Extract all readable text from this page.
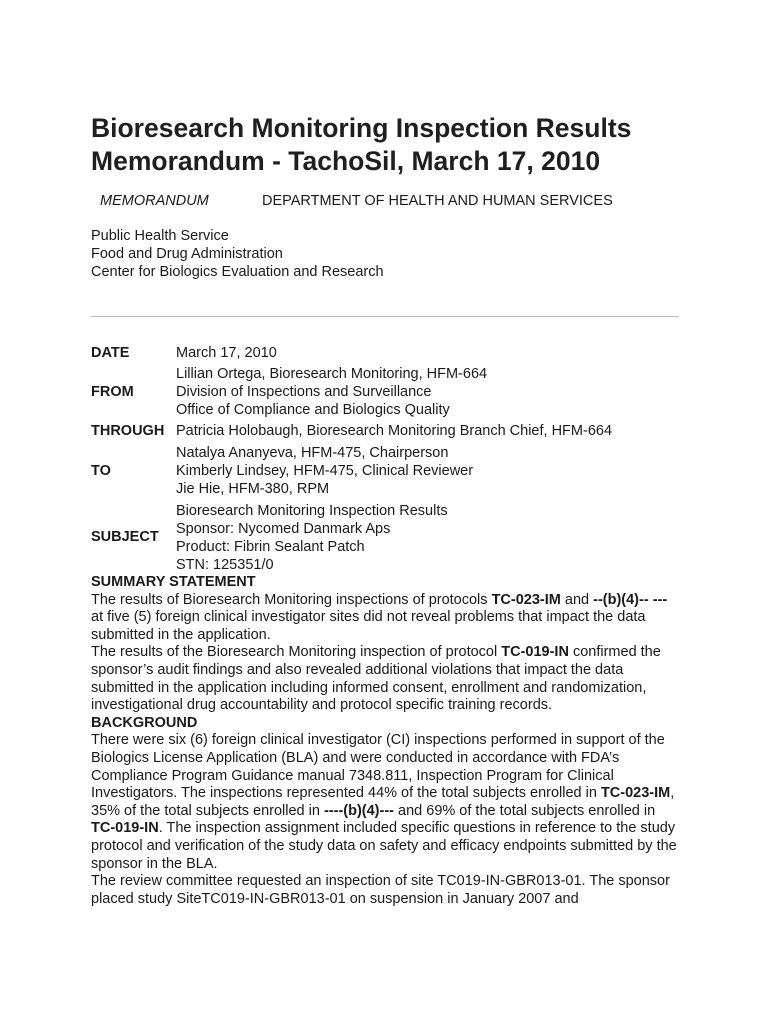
Bioresearch Monitoring Inspection Results
Memorandum - TachoSil, March 17, 2010
MEMORANDUM	DEPARTMENT OF HEALTH AND HUMAN SERVICES
Public Health Service
Food and Drug Administration
Center for Biologics Evaluation and Research
DATE	March 17, 2010
FROM
Lillian Ortega, Bioresearch Monitoring, HFM-664
Division of Inspections and Surveillance
Office of Compliance and Biologics Quality
THROUGH Patricia Holobaugh, Bioresearch Monitoring Branch Chief, HFM-664
TO
Natalya Ananyeva, HFM-475, Chairperson
Kimberly Lindsey, HFM-475, Clinical Reviewer
Jie Hie, HFM-380, RPM
SUBJECT
Bioresearch Monitoring Inspection Results
Sponsor: Nycomed Danmark Aps
Product: Fibrin Sealant Patch
STN: 125351/0
SUMMARY STATEMENT

The results of Bioresearch Monitoring inspections of protocols TC-023-IM and --(b)(4)-- --- at five (5) foreign clinical investigator sites did not reveal problems that impact the data submitted in the application.

The results of the Bioresearch Monitoring inspection of protocol TC-019-IN confirmed the sponsor’s audit findings and also revealed additional violations that impact the data submitted in the application including informed consent, enrollment and randomization, investigational drug accountability and protocol specific training records.

BACKGROUND

There were six (6) foreign clinical investigator (CI) inspections performed in support of the Biologics License Application (BLA) and were conducted in accordance with FDA’s Compliance Program Guidance manual 7348.811, Inspection Program for Clinical Investigators. The inspections represented 44% of the total subjects enrolled in TC-023-IM, 35% of the total subjects enrolled in ----(b)(4)--- and 69% of the total subjects enrolled in TC-019-IN. The inspection assignment included specific questions in reference to the study protocol and verification of the study data on safety and efficacy endpoints submitted by the sponsor in the BLA.

The review committee requested an inspection of site TC019-IN-GBR013-01. The sponsor placed study SiteTC019-IN-GBR013-01 on suspension in January 2007 and
